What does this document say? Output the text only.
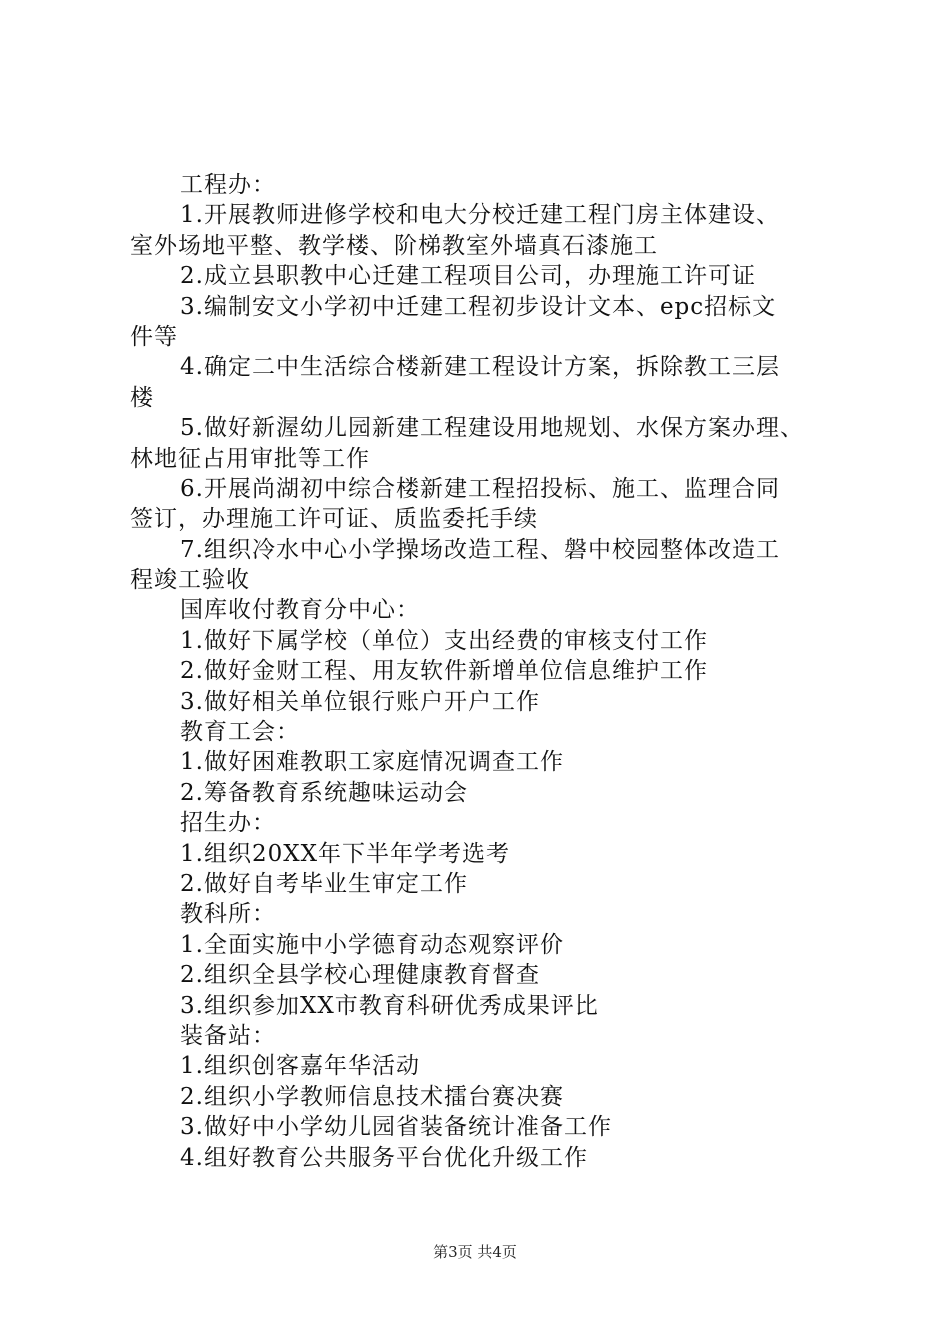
工程办：
1.开展教师进修学校和电大分校迁建工程门房主体建设、
室外场地平整、教学楼、阶梯教室外墙真石漆施工
2.成立县职教中心迁建工程项目公司，办理施工许可证
3.编制安文小学初中迁建工程初步设计文本、epc招标文
件等
4.确定二中生活综合楼新建工程设计方案，拆除教工三层
楼
5.做好新渥幼儿园新建工程建设用地规划、水保方案办理、
林地征占用审批等工作
6.开展尚湖初中综合楼新建工程招投标、施工、监理合同
签订，办理施工许可证、质监委托手续
7.组织冷水中心小学操场改造工程、磐中校园整体改造工
程竣工验收
国库收付教育分中心：
1.做好下属学校（单位）支出经费的审核支付工作
2.做好金财工程、用友软件新增单位信息维护工作
3.做好相关单位银行账户开户工作
教育工会：
1.做好困难教职工家庭情况调查工作
2.筹备教育系统趣味运动会
招生办：
1.组织20XX年下半年学考选考
2.做好自考毕业生审定工作
教科所：
1.全面实施中小学德育动态观察评价
2.组织全县学校心理健康教育督查
3.组织参加XX市教育科研优秀成果评比
装备站：
1.组织创客嘉年华活动
2.组织小学教师信息技术擂台赛决赛
3.做好中小学幼儿园省装备统计准备工作
4.组好教育公共服务平台优化升级工作
第3页 共4页
